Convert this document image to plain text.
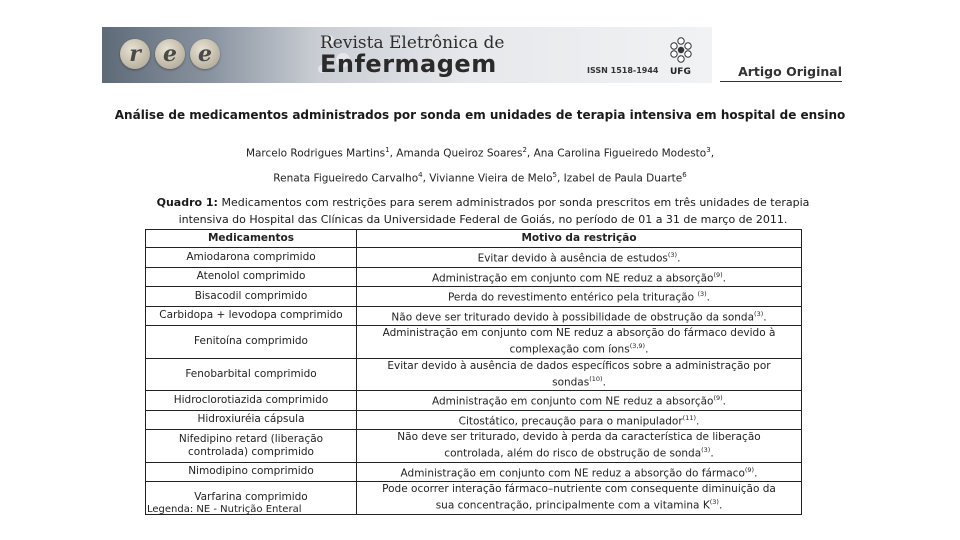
r	e e	Revista Eletrônica de
Enfermagem	ISSN 1518-1944 UFG	Artigo Original
Análise de medicamentos administrados por sonda em unidades de terapia intensiva em hospital de ensino
Marcelo Rodrigues Martins$^1$, Amanda Queiroz Soares$^2$, Ana Carolina Figueiredo Modesto$^3$,
Renata Figueiredo Carvalho$^4$, Vivianne Vieira de Melo$^5$, Izabel de Paula Duarte$^6$
Quadro 1: Medicamentos com restrições para serem administrados por sonda prescritos em três unidades de terapia
intensiva do Hospital das Clínicas da Universidade Federal de Goiás, no período de 01 a 31 de março de 2011.
Medicamentos	Motivo da restrição
Amiodarona comprimido	Evitar devido à ausência de estudos$^{(3)}$.
Atenolol comprimido	Administração em conjunto com NE reduz a absorção$^{(9)}$.
Bisacodil comprimido	Perda do revestimento entérico pela trituração $^{(3)}$.
Carbidopa + levodopa comprimido	Não deve ser triturado devido à possibilidade de obstrução da sonda$^{(3)}$.
Fenitoína comprimido	Administração em conjunto com NE reduz a absorção do fármaco devido à
complexação com íons$^{(3,9)}$.
Fenobarbital comprimido	Evitar devido à ausência de dados específicos sobre a administração por
sondas$^{(10)}$.
Hidroclorotiazida comprimido	Administração em conjunto com NE reduz a absorção$^{(9)}$.
Hidroxiuréia cápsula	Citostático, precaução para o manipulador$^{(11)}$.
Nifedipino retard (liberação
controlada) comprimido	Não deve ser triturado, devido à perda da característica de liberação
controlada, além do risco de obstrução de sonda$^{(3)}$.
Nimodipino comprimido	Administração em conjunto com NE reduz a absorção do fármaco$^{(9)}$.
Varfarina comprimido	Pode ocorrer interação fármaco–nutriente com consequente diminuição da
sua concentração, principalmente com a vitamina $K^{(3)}$.
Legenda: NE - Nutrição Enteral
